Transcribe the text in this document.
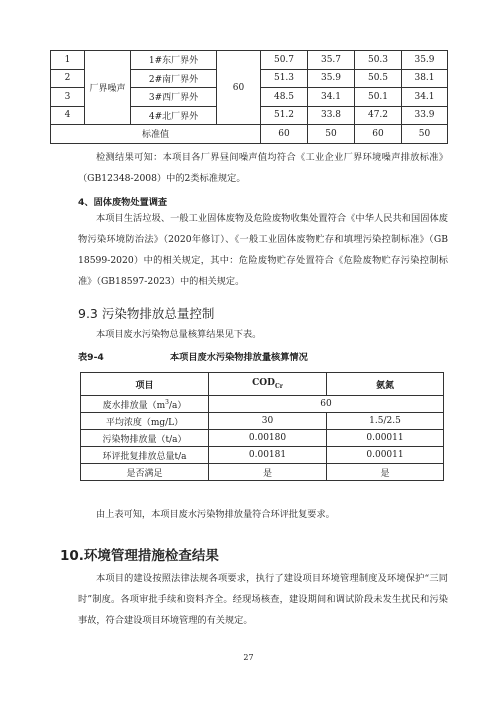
1	厂界噪声	1#东厂界外	60	50.7	35.7	50.3	35.9
2		2#南厂界外		51.3	35.9	50.5	38.1
3		3#西厂界外		48.5	34.1	50.1	34.1
4		4#北厂界外		51.2	33.8	47.2	33.9
标准值				60	50	60	50

检测结果可知：本项目各厂界昼间噪声值均符合《工业企业厂界环境噪声排放标准》（GB12348-2008）中的2类标准规定。

4、固体废物处置调查

本项目生活垃圾、一般工业固体废物及危险废物收集处置符合《中华人民共和国固体废物污染环境防治法》（2020年修订）、《一般工业固体废物贮存和填埋污染控制标准》（GB 18599-2020）中的相关规定，其中：危险废物贮存处置符合《危险废物贮存污染控制标准》（GB18597-2023）中的相关规定。

9.3 污染物排放总量控制

本项目废水污染物总量核算结果见下表。

表9-4	本项目废水污染物排放量核算情况
项目	$COD_{Cr}$	氨氮
废水排放量$(m^3/a)$	60	
平均浓度（mg/L）	30	1.5/2.5
污染物排放量（t/a）	0.00180	0.00011
环评批复排放总量t/a	0.00181	0.00011
是否满足	是	是

由上表可知，本项目废水污染物排放量符合环评批复要求。

10.环境管理措施检查结果

本项目的建设按照法律法规各项要求，执行了建设项目环境管理制度及环境保护“三同时”制度。各项审批手续和资料齐全。经现场核查，建设期间和调试阶段未发生扰民和污染事故，符合建设项目环境管理的有关规定。

27
